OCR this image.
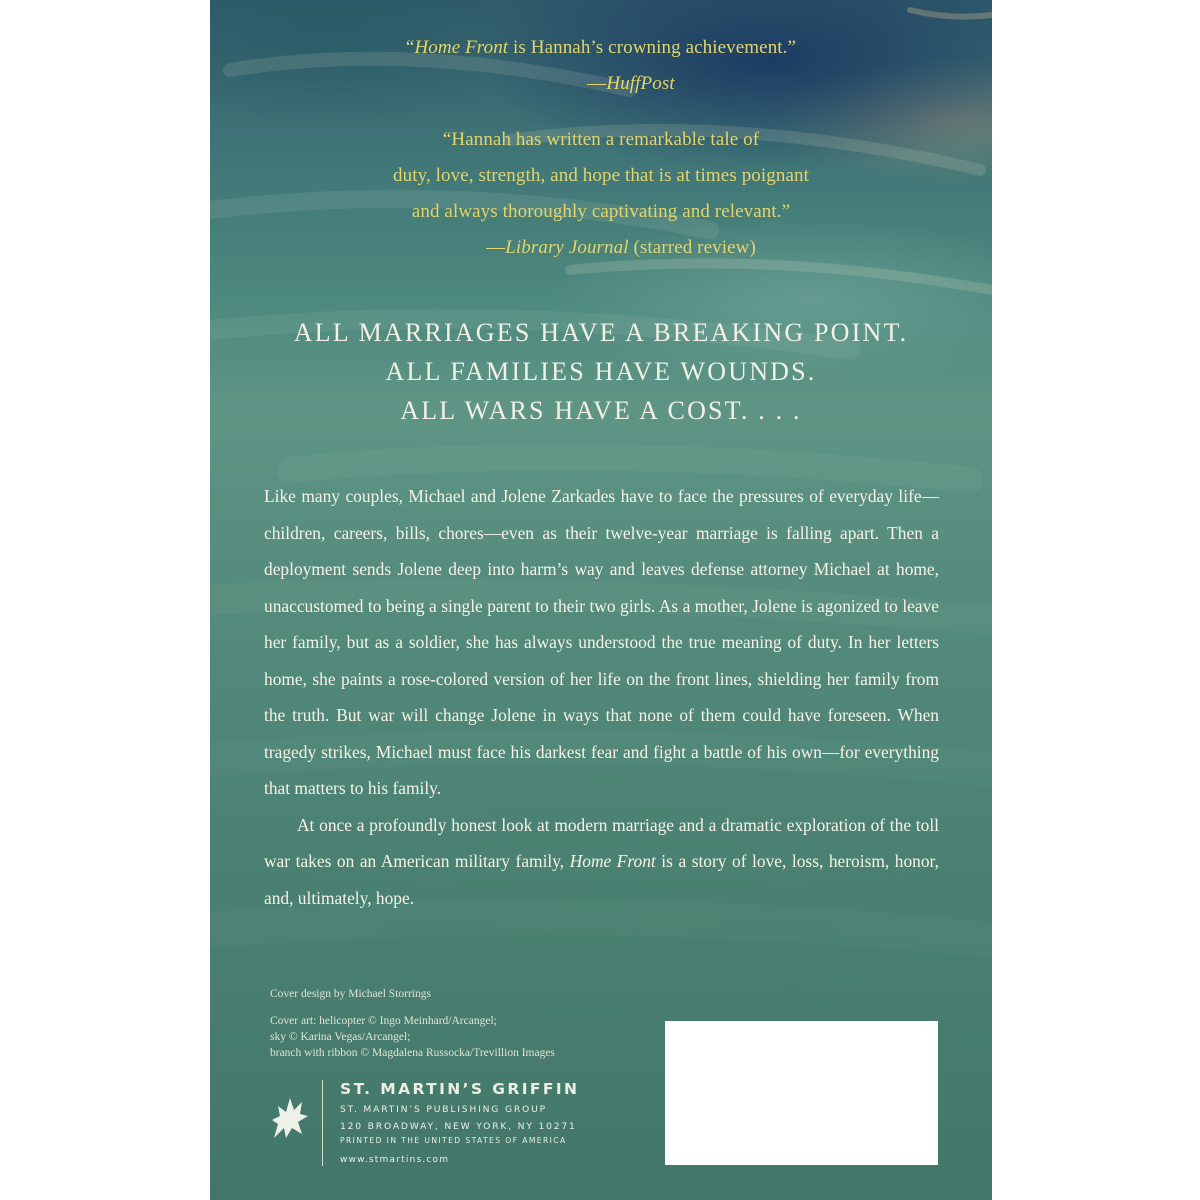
“Home Front is Hannah’s crowning achievement.”
—HuffPost
“Hannah has written a remarkable tale of
duty, love, strength, and hope that is at times poignant
and always thoroughly captivating and relevant.”
—Library Journal (starred review)
ALL MARRIAGES HAVE A BREAKING POINT.
ALL FAMILIES HAVE WOUNDS.
ALL WARS HAVE A COST. . . .

Like many couples, Michael and Jolene Zarkades have to face the pressures of everyday life—children, careers, bills, chores—even as their twelve-year marriage is falling apart. Then a deployment sends Jolene deep into harm’s way and leaves defense attorney Michael at home, unaccustomed to being a single parent to their two girls. As a mother, Jolene is agonized to leave her family, but as a soldier, she has always understood the true meaning of duty. In her letters home, she paints a rose-colored version of her life on the front lines, shielding her family from the truth. But war will change Jolene in ways that none of them could have foreseen. When tragedy strikes, Michael must face his darkest fear and fight a battle of his own—for everything that matters to his family.

At once a profoundly honest look at modern marriage and a dramatic exploration of the toll war takes on an American military family, Home Front is a story of love, loss, heroism, honor, and, ultimately, hope.

Cover design by Michael Storrings
Cover art: helicopter © Ingo Meinhard/Arcangel;
sky © Karina Vegas/Arcangel;
branch with ribbon © Magdalena Russocka/Trevillion Images
ST. MARTIN’S GRIFFIN
ST. MARTIN’S PUBLISHING GROUP
120 BROADWAY, NEW YORK, NY 10271
PRINTED IN THE UNITED STATES OF AMERICA
www.stmartins.com
